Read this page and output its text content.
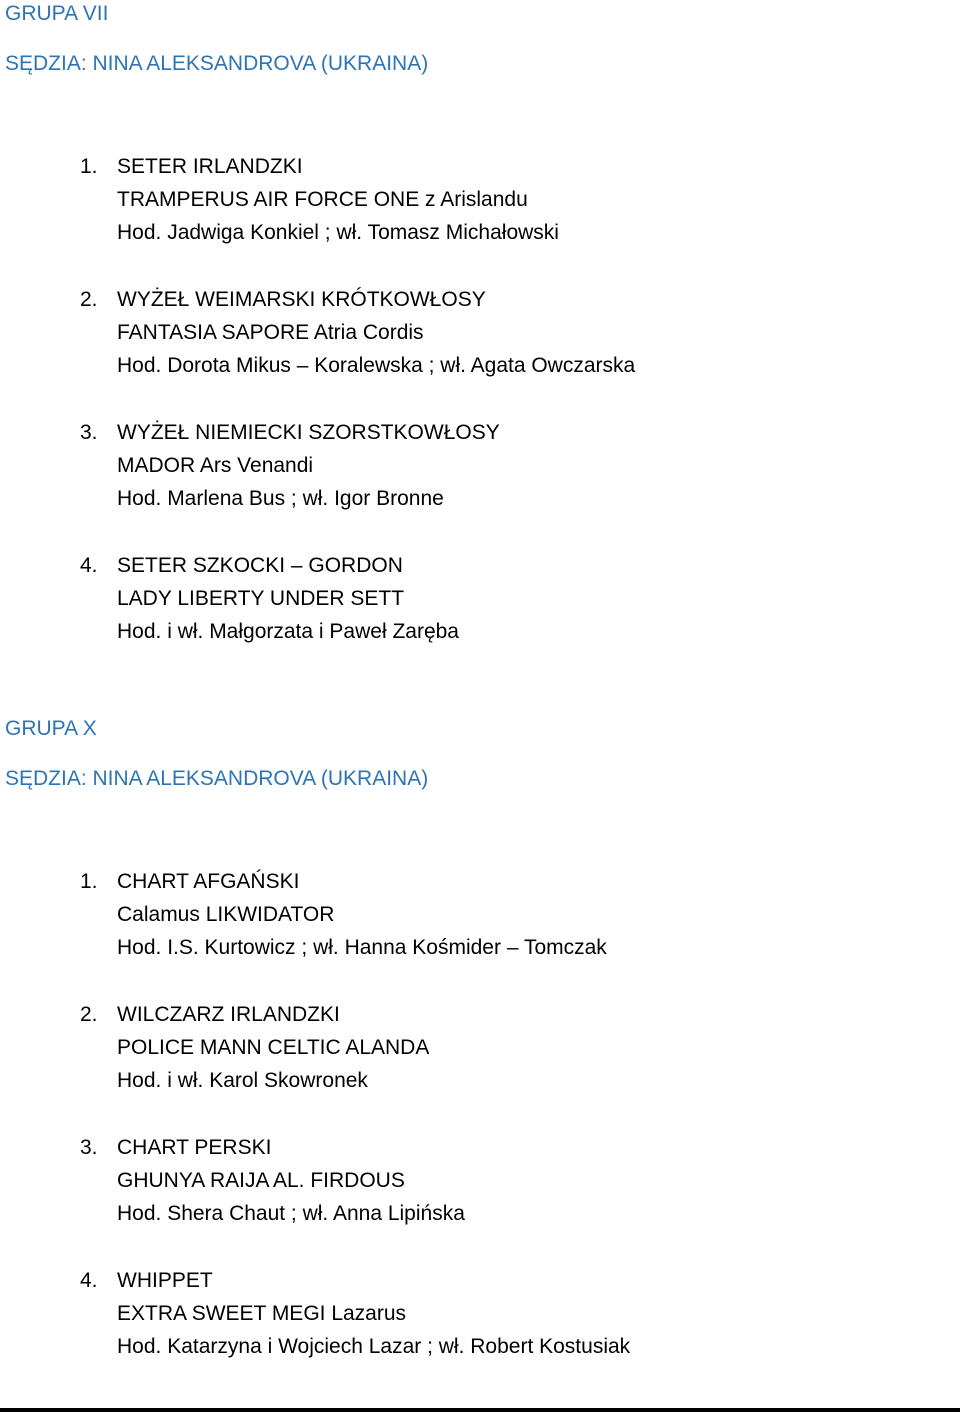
GRUPA VII
SĘDZIA: NINA ALEKSANDROVA (UKRAINA)
1. SETER IRLANDZKI
TRAMPERUS AIR FORCE ONE z Arislandu
Hod. Jadwiga Konkiel ; wł. Tomasz Michałowski
2. WYŻEŁ WEIMARSKI KRÓTKOWŁOSY
FANTASIA SAPORE Atria Cordis
Hod. Dorota Mikus – Koralewska ; wł. Agata Owczarska
3. WYŻEŁ NIEMIECKI SZORSTKOWŁOSY
MADOR Ars Venandi
Hod. Marlena Bus ; wł. Igor Bronne
4. SETER SZKOCKI – GORDON
LADY LIBERTY UNDER SETT
Hod. i wł. Małgorzata i Paweł Zaręba
GRUPA X
SĘDZIA: NINA ALEKSANDROVA (UKRAINA)
1. CHART AFGAŃSKI
Calamus LIKWIDATOR
Hod. I.S. Kurtowicz ; wł. Hanna Kośmider – Tomczak
2. WILCZARZ IRLANDZKI
POLICE MANN CELTIC ALANDA
Hod. i wł. Karol Skowronek
3. CHART PERSKI
GHUNYA RAIJA AL. FIRDOUS
Hod. Shera Chaut ; wł. Anna Lipińska
4. WHIPPET
EXTRA SWEET MEGI Lazarus
Hod. Katarzyna i Wojciech Lazar ; wł. Robert Kostusiak
